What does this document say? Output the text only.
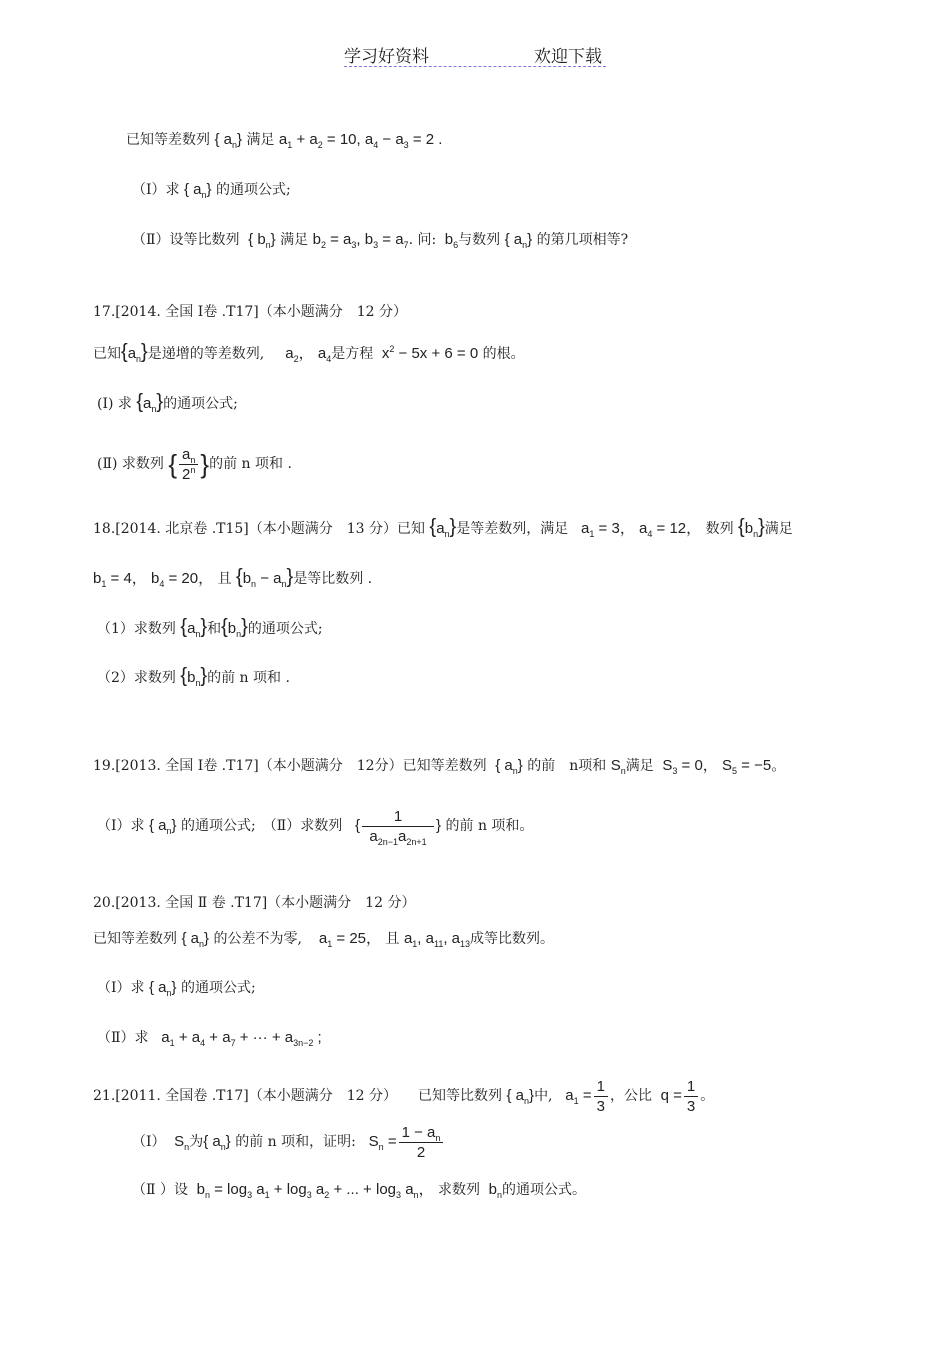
学习好资料	欢迎下载
已知等差数列 { $a_n$} 满足 $a_1 + a_2 = 10$, $a_4 - a_3 = 2$ .
（Ⅰ）求 { $a_n$} 的通项公式;
（Ⅱ）设等比数列  { $b_n$} 满足 $b_2 = a_3$, $b_3 = a_7$. 问:  $b_6$与数列 { $a_n$} 的第几项相等?
17.[2014. 全国 Ⅰ卷 .T17]（本小题满分　12 分）
已知$\{a_n\}$是递增的等差数列,     $a_2$， $a_4$是方程  $x^2 - 5x + 6 = 0$ 的根。
(Ⅰ) 求 $\{a_n\}$的通项公式;
(Ⅱ) 求数列 { $\frac{a_n}{2^n}$ }的前 n 项和 .
18.[2014. 北京卷 .T15]（本小题满分　13 分）已知 $\{a_n\}$是等差数列，满足   $a_1 = 3$， $a_4 = 12$， 数列 $\{b_n\}$满足
$b_1 = 4$， $b_4 = 20$， 且 $\{b_n - a_n\}$是等比数列 .
（1）求数列 $\{a_n\}$和$\{b_n\}$的通项公式;
（2）求数列 $\{b_n\}$的前 n 项和 .
19.[2013. 全国 Ⅰ卷 .T17]（本小题满分　12分）已知等差数列  { $a_n$} 的前　n项和 $S_n$满足  $S_3 = 0$， $S_5 = -5$。
（Ⅰ）求 { $a_n$} 的通项公式;　（Ⅱ）求数列   { $\frac{1}{a_{2n-1}a_{2n+1}}$ } 的前 n 项和。
20.[2013. 全国 Ⅱ 卷 .T17]（本小题满分　12 分）
已知等差数列 { $a_n$} 的公差不为零,    $a_1 = 25$， 且 $a_1$, $a_{11}$, $a_{13}$成等比数列。
（Ⅰ）求 { $a_n$} 的通项公式;
（Ⅱ）求   $a_1 + a_4 + a_7$ + ··· + $a_{3n-2}$ ;
21.[2011. 全国卷 .T17]（本小题满分　12 分）　　已知等比数列 { $a_n$}中,   $a_1 = \frac{1}{3}$ ，公比  $q = \frac{1}{3}$ 。
（Ⅰ）  $S_n$为{ $a_n$} 的前 n 项和，证明:   $S_n = \frac{1 - a_n}{2}$
（Ⅱ ）设  $b_n = \log_3 a_1 + \log_3 a_2$ + ... + $\log_3 a_n$， 求数列  $b_n$的通项公式。
